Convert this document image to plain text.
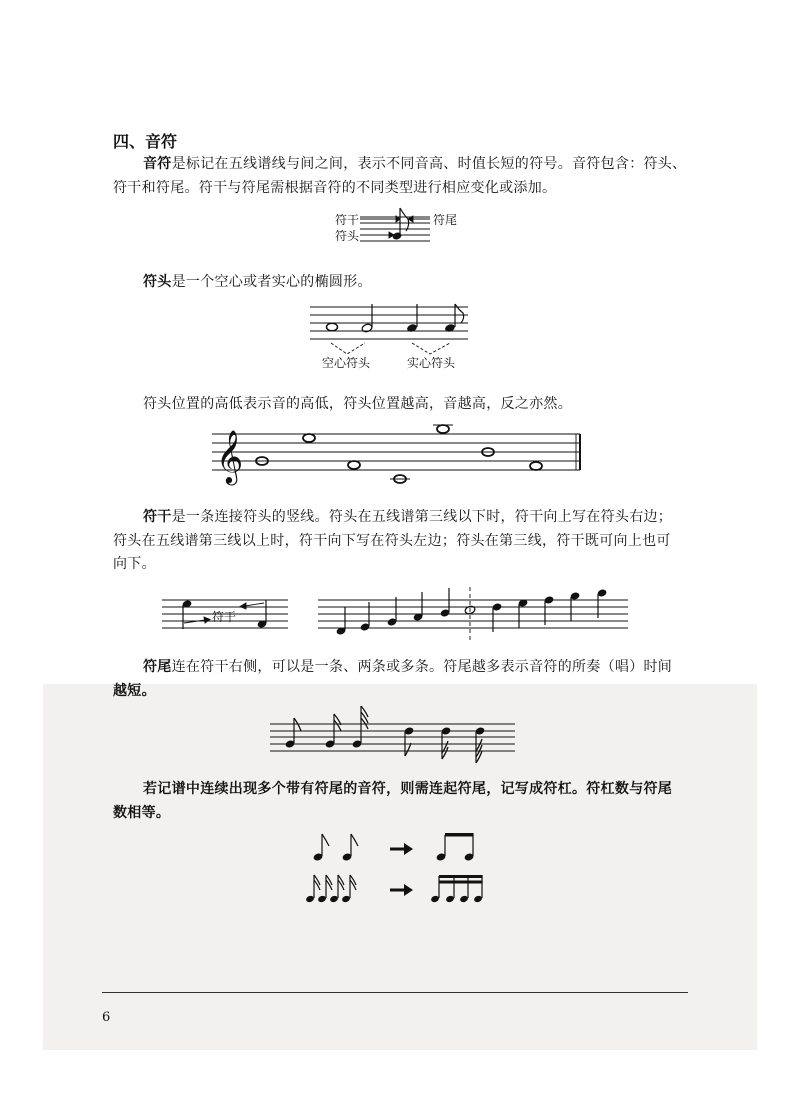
四、音符
音符是标记在五线谱线与间之间，表示不同音高、时值长短的符号。音符包含：符头、
符干和符尾。符干与符尾需根据音符的不同类型进行相应变化或添加。
符干
符头
符尾
符头是一个空心或者实心的椭圆形。
空心符头	实心符头
符头位置的高低表示音的高低，符头位置越高，音越高，反之亦然。
𝄞
符干是一条连接符头的竖线。符头在五线谱第三线以下时，符干向上写在符头右边；
符头在五线谱第三线以上时，符干向下写在符头左边；符头在第三线，符干既可向上也可
向下。
符干
符尾连在符干右侧，可以是一条、两条或多条。符尾越多表示音符的所奏（唱）时间
越短。
若记谱中连续出现多个带有符尾的音符，则需连起符尾，记写成符杠。符杠数与符尾
数相等。
6
